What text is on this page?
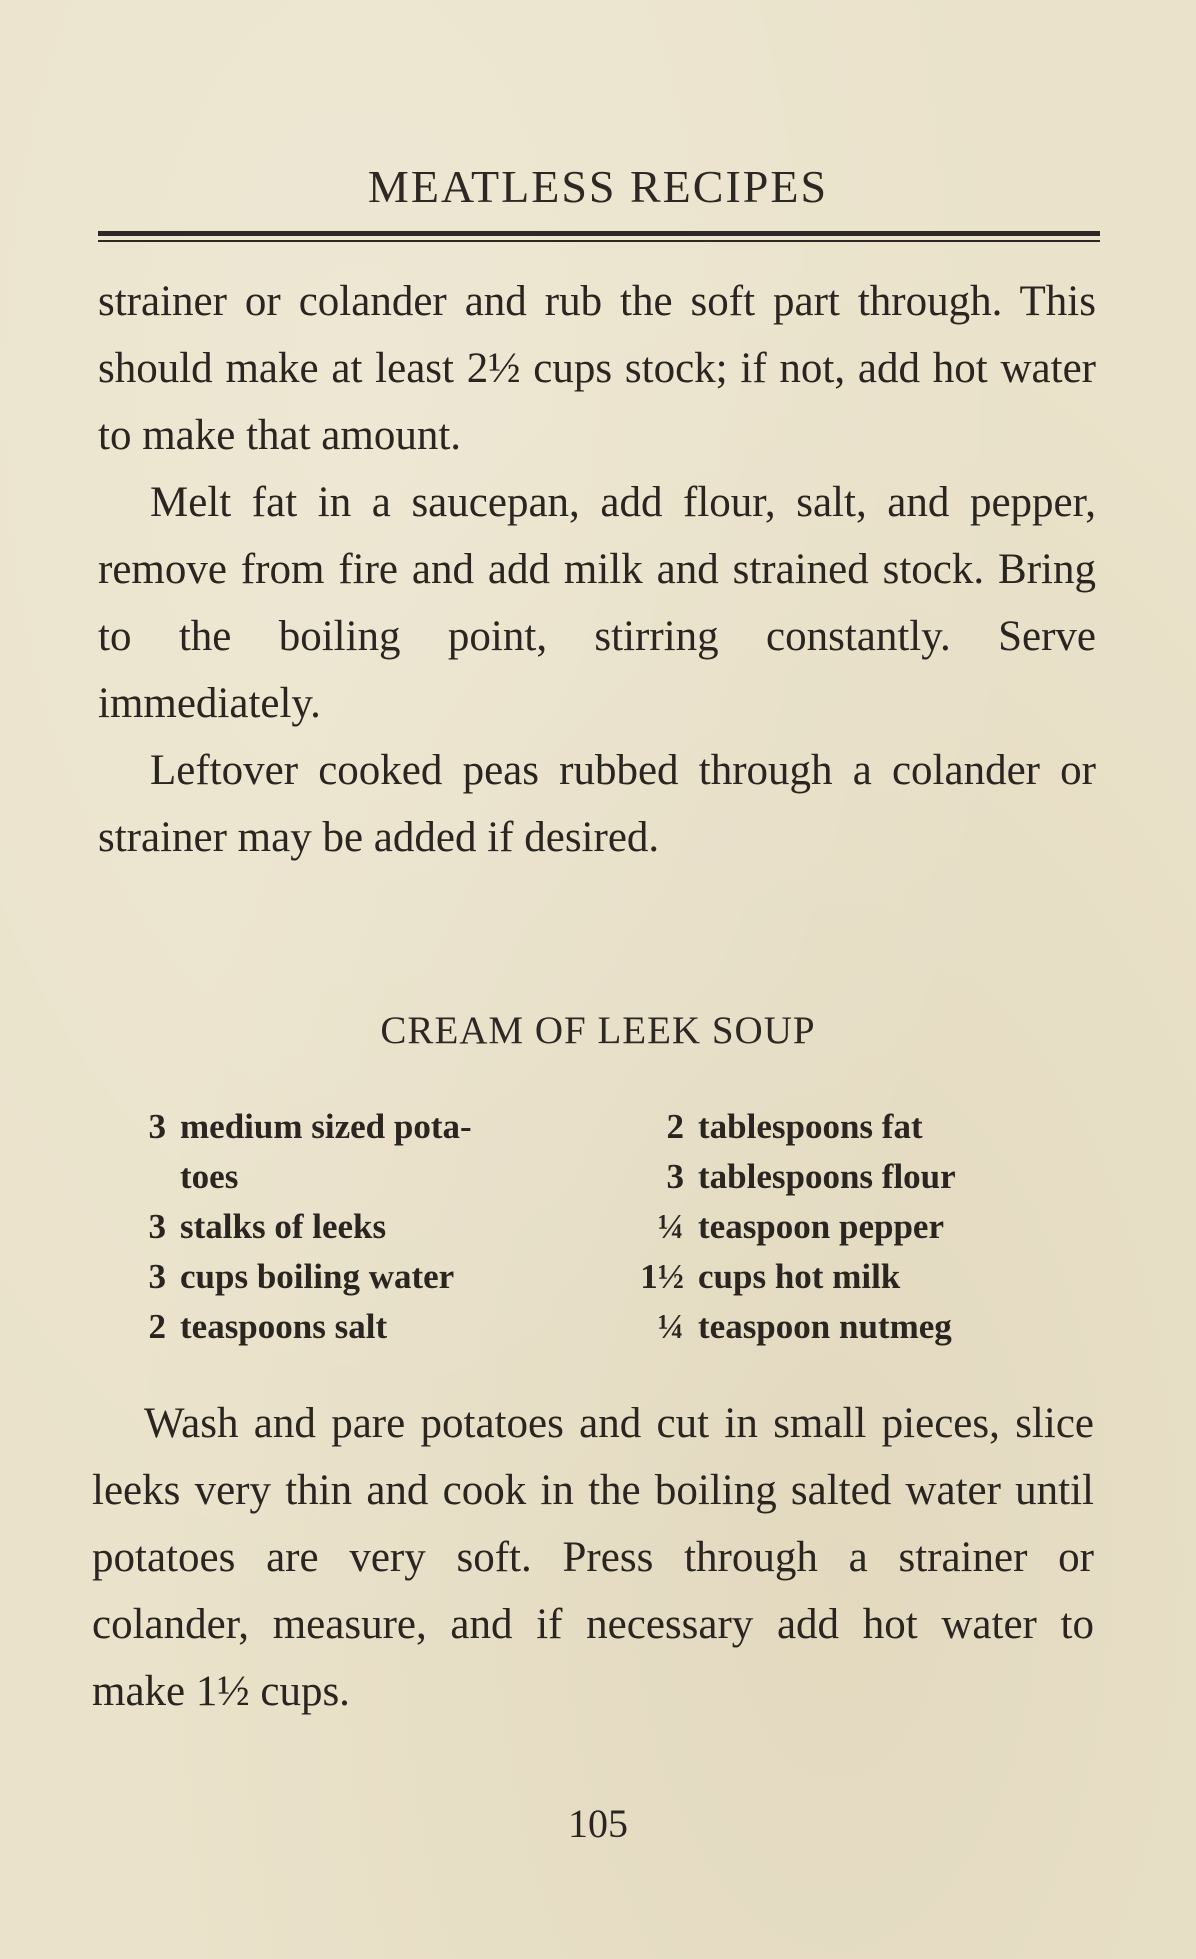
MEATLESS RECIPES

strainer or colander and rub the soft part through. This should make at least 2½ cups stock; if not, add hot water to make that amount.

Melt fat in a saucepan, add flour, salt, and pepper, remove from fire and add milk and strained stock. Bring to the boiling point, stirring constantly. Serve immediately.

Leftover cooked peas rubbed through a colander or strainer may be added if desired.

CREAM OF LEEK SOUP
3 medium sized pota-
toes
3 stalks of leeks
3 cups boiling water
2 teaspoons salt
2 tablespoons fat
3 tablespoons flour
¼ teaspoon pepper
1½ cups hot milk
¼ teaspoon nutmeg

Wash and pare potatoes and cut in small pieces, slice leeks very thin and cook in the boiling salted water until potatoes are very soft. Press through a strainer or colander, measure, and if necessary add hot water to make 1½ cups.

105
